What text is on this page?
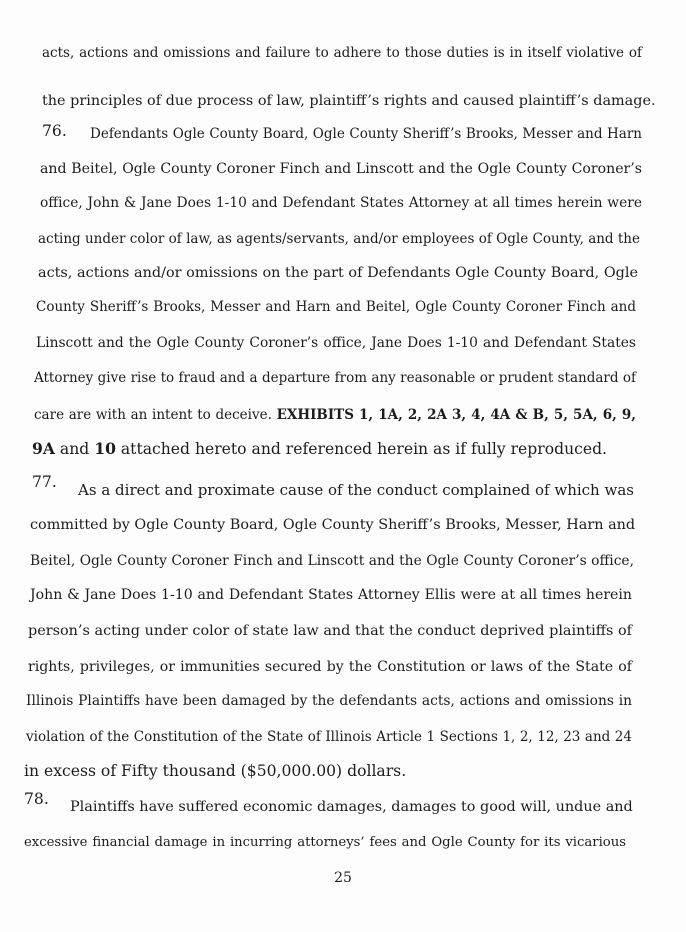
acts, actions and omissions and failure to adhere to those duties is in itself violative of
the principles of due process of law, plaintiff’s rights and caused plaintiff’s damage.
76. Defendants Ogle County Board, Ogle County Sheriff’s Brooks, Messer and Harn
and Beitel, Ogle County Coroner Finch and Linscott and the Ogle County Coroner’s
office, John & Jane Does 1-10 and Defendant States Attorney at all times herein were
acting under color of law, as agents/servants, and/or employees of Ogle County, and the
acts, actions and/or omissions on the part of Defendants Ogle County Board, Ogle
County Sheriff’s Brooks, Messer and Harn and Beitel, Ogle County Coroner Finch and
Linscott and the Ogle County Coroner’s office, Jane Does 1-10 and Defendant States
Attorney give rise to fraud and a departure from any reasonable or prudent standard of
care are with an intent to deceive. EXHIBITS 1, 1A, 2, 2A 3, 4, 4A & B, 5, 5A, 6, 9,
9A and 10 attached hereto and referenced herein as if fully reproduced.
77. As a direct and proximate cause of the conduct complained of which was
committed by Ogle County Board, Ogle County Sheriff’s Brooks, Messer, Harn and
Beitel, Ogle County Coroner Finch and Linscott and the Ogle County Coroner’s office,
John & Jane Does 1-10 and Defendant States Attorney Ellis were at all times herein
person’s acting under color of state law and that the conduct deprived plaintiffs of
rights, privileges, or immunities secured by the Constitution or laws of the State of
Illinois Plaintiffs have been damaged by the defendants acts, actions and omissions in
violation of the Constitution of the State of Illinois Article 1 Sections 1, 2, 12, 23 and 24
in excess of Fifty thousand ($50,000.00) dollars.
78. Plaintiffs have suffered economic damages, damages to good will, undue and
excessive financial damage in incurring attorneys’ fees and Ogle County for its vicarious
25
